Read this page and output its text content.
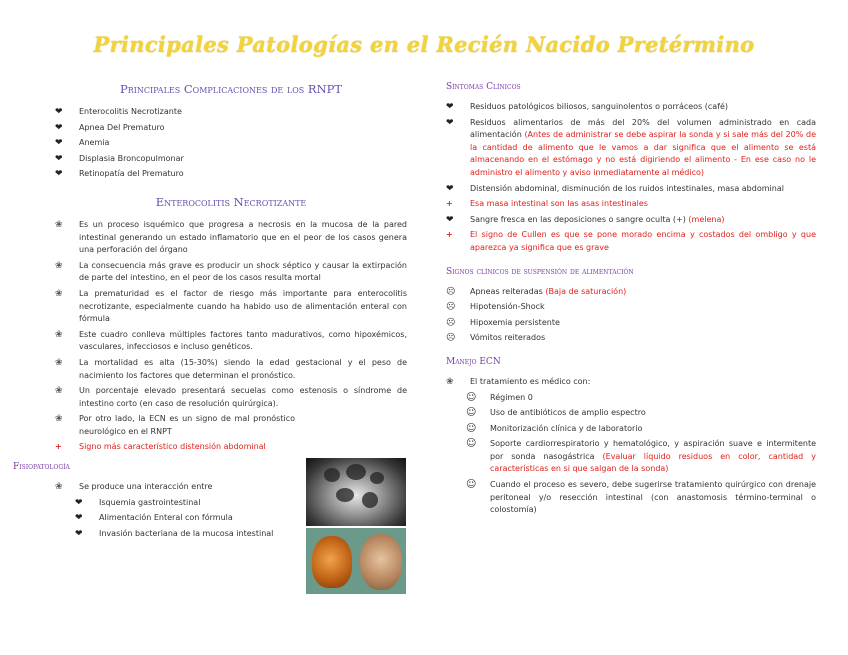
Principales Patologías en el Recién Nacido Pretérmino
Principales Complicaciones de los RNPT
❤ Enterocolitis Necrotizante
❤ Apnea Del Prematuro
❤ Anemia
❤ Displasia Broncopulmonar
❤ Retinopatía del Prematuro
Enterocolitis Necrotizante
❀ Es un proceso isquémico que progresa a necrosis en la mucosa de la pared intestinal generando un estado inflamatorio que en el peor de los casos genera una perforación del órgano
❀ La consecuencia más grave es producir un shock séptico y causar la extirpación de parte del intestino, en el peor de los casos resulta mortal
❀ La prematuridad es el factor de riesgo más importante para enterocolitis necrotizante, especialmente cuando ha habido uso de alimentación enteral con fórmula
❀ Este cuadro conlleva múltiples factores tanto madurativos, como hipoxémicos, vasculares, infecciosos e incluso genéticos.
❀ La mortalidad es alta (15-30%) siendo la edad gestacional y el peso de nacimiento los factores que determinan el pronóstico.
❀ Un porcentaje elevado presentará secuelas como estenosis o síndrome de intestino corto (en caso de resolución quirúrgica).
❀ Por otro lado, la ECN es un signo de mal pronóstico neurológico en el RNPT
+ Signo más característico distensión abdominal
Fisiopatología
❀ Se produce una interacción entre
❤ Isquemia gastrointestinal
❤ Alimentación Enteral con fórmula
❤ Invasión bacteriana de la mucosa intestinal
Síntomas Clínicos
❤ Residuos patológicos biliosos, sanguinolentos o porráceos (café)
❤ Residuos alimentarios de más del 20% del volumen administrado en cada alimentación (Antes de administrar se debe aspirar la sonda y si sale más del 20% de la cantidad de alimento que le vamos a dar significa que el alimento se está almacenando en el estómago y no está digiriendo el alimento - En ese caso no le administro el alimento y aviso inmediatamente al médico)
❤ Distensión abdominal, disminución de los ruidos intestinales, masa abdominal
+ Esa masa intestinal son las asas intestinales
❤ Sangre fresca en las deposiciones o sangre oculta (+) (melena)
+ El signo de Cullen es que se pone morado encima y costados del ombligo y que aparezca ya significa que es grave
Signos clínicos de suspensión de alimentación
☹ Apneas reiteradas (Baja de saturación)
☹ Hipotensión-Shock
☹ Hipoxemia persistente
☹ Vómitos reiterados
Manejo ECN
❀ El tratamiento es médico con:
☺ Régimen 0
☺ Uso de antibióticos de amplio espectro
☺ Monitorización clínica y de laboratorio
☺ Soporte cardiorrespiratorio y hematológico, y aspiración suave e intermitente por sonda nasogástrica (Evaluar líquido residuos en color, cantidad y características en si que salgan de la sonda)
☺ Cuando el proceso es severo, debe sugerirse tratamiento quirúrgico con drenaje peritoneal y/o resección intestinal (con anastomosis término-terminal o colostomía)
